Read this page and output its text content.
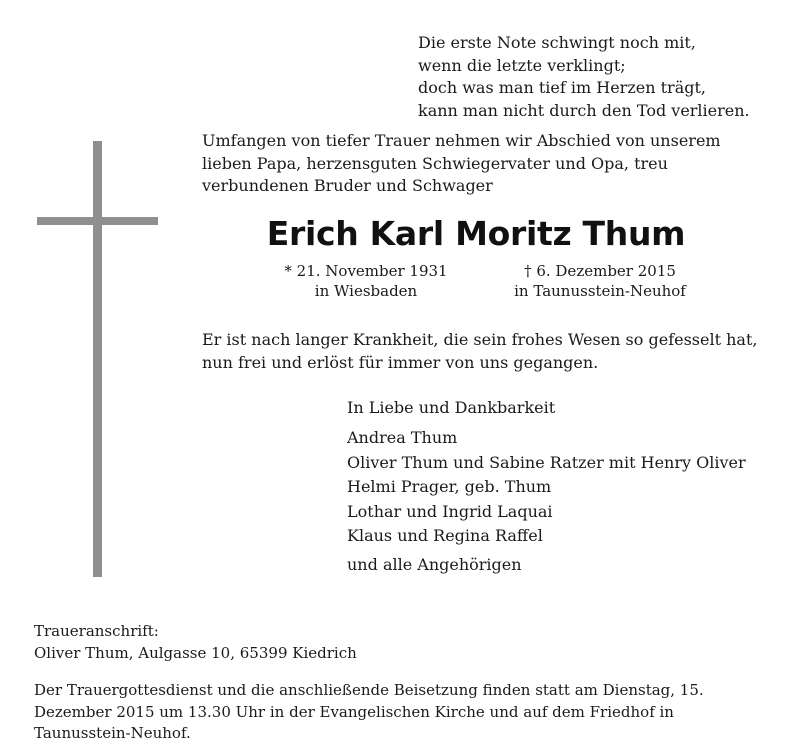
Die erste Note schwingt noch mit,
wenn die letzte verklingt;
doch was man tief im Herzen trägt,
kann man nicht durch den Tod verlieren.
Umfangen von tiefer Trauer nehmen wir Abschied von unserem lieben Papa, herzensguten Schwiegervater und Opa, treu verbundenen Bruder und Schwager
Erich Karl Moritz Thum
* 21. November 1931
in Wiesbaden
† 6. Dezember 2015
in Taunusstein-Neuhof
Er ist nach langer Krankheit, die sein frohes Wesen so gefesselt hat, nun frei und erlöst für immer von uns gegangen.
In Liebe und Dankbarkeit
Andrea Thum
Oliver Thum und Sabine Ratzer mit Henry Oliver
Helmi Prager, geb. Thum
Lothar und Ingrid Laquai
Klaus und Regina Raffel
und alle Angehörigen
Traueranschrift:
Oliver Thum, Aulgasse 10, 65399 Kiedrich
Der Trauergottesdienst und die anschließende Beisetzung finden statt am Dienstag, 15. Dezember 2015 um 13.30 Uhr in der Evangelischen Kirche und auf dem Friedhof in Taunusstein-Neuhof.
